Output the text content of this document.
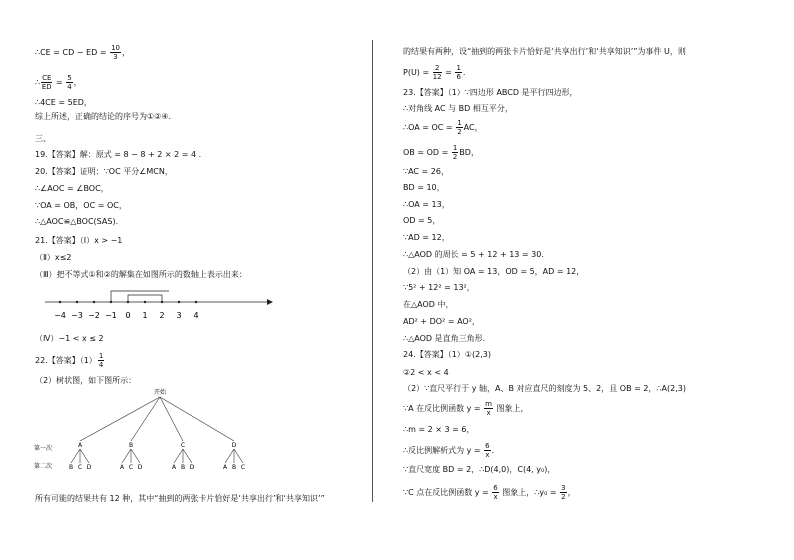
∴CE = CD − ED = $\frac{10}{3}$ ，
∴ $\frac{CE}{ED} = \frac{5}{4}$ ，
∴4CE = 5ED，
综上所述，正确的结论的序号为①②④.
三、
19.【答案】解：原式 = 8 − 8 + 2 × 2 = 4 .
20.【答案】证明：∵OC 平分∠MCN，
∴∠AOC = ∠BOC，
∵OA = OB，OC = OC，
∴△AOC≌△BOC(SAS).
21.【答案】（Ⅰ）x > −1
（Ⅱ）x≤2
（Ⅲ）把不等式①和②的解集在如图所示的数轴上表示出来：
−4 −3 −2 −1 0 1 2 3 4
（Ⅳ）−1 < x ≤ 2
22.【答案】$(1) \frac{1}{4}$
（2）树状图，如下图所示：
开始
第一次
第二次
A	B	C	D
B C D	A C D	A B D	A B C
所有可能的结果共有 12 种，其中“抽到的两张卡片恰好是‘共享出行’和‘共享知识’”
的结果有两种，设“抽到的两张卡片恰好是‘共享出行’和‘共享知识’”为事件 U，则
$P(U) = \frac{2}{12} = \frac{1}{6}$ .
23.【答案】（1）∵四边形 ABCD 是平行四边形，
∴对角线 AC 与 BD 相互平分，
∴OA = OC = $\frac{1}{2}$ AC，
OB = OD = $\frac{1}{2}$ BD，
∵AC = 26，
BD = 10，
∴OA = 13，
OD = 5，
∵AD = 12，
∴△AOD 的周长 = 5 + 12 + 13 = 30.
（2）由（1）知 OA = 13，OD = 5，AD = 12，
∵5² + 12² = 13²，
在△AOD 中，
AD² + DO² = AO²，
∴△AOD 是直角三角形.
24.【答案】（1）①(2,3)
②2 < x < 4
（2）∵直尺平行于 y 轴，A、B 对应直尺的刻度为 5、2，且 OB = 2，∴A(2,3)
∵A 在反比例函数 $y = \frac{m}{x}$ 图象上，
∴m = 2 × 3 = 6，
∴反比例解析式为 $y = \frac{6}{x}$ .
∵直尺宽度 BD = 2，∴D(4,0)，C(4, y₀)，
∵C 点在反比例函数 $y = \frac{6}{x}$ 图象上，∴y₀ = $\frac{3}{2}$ ，
